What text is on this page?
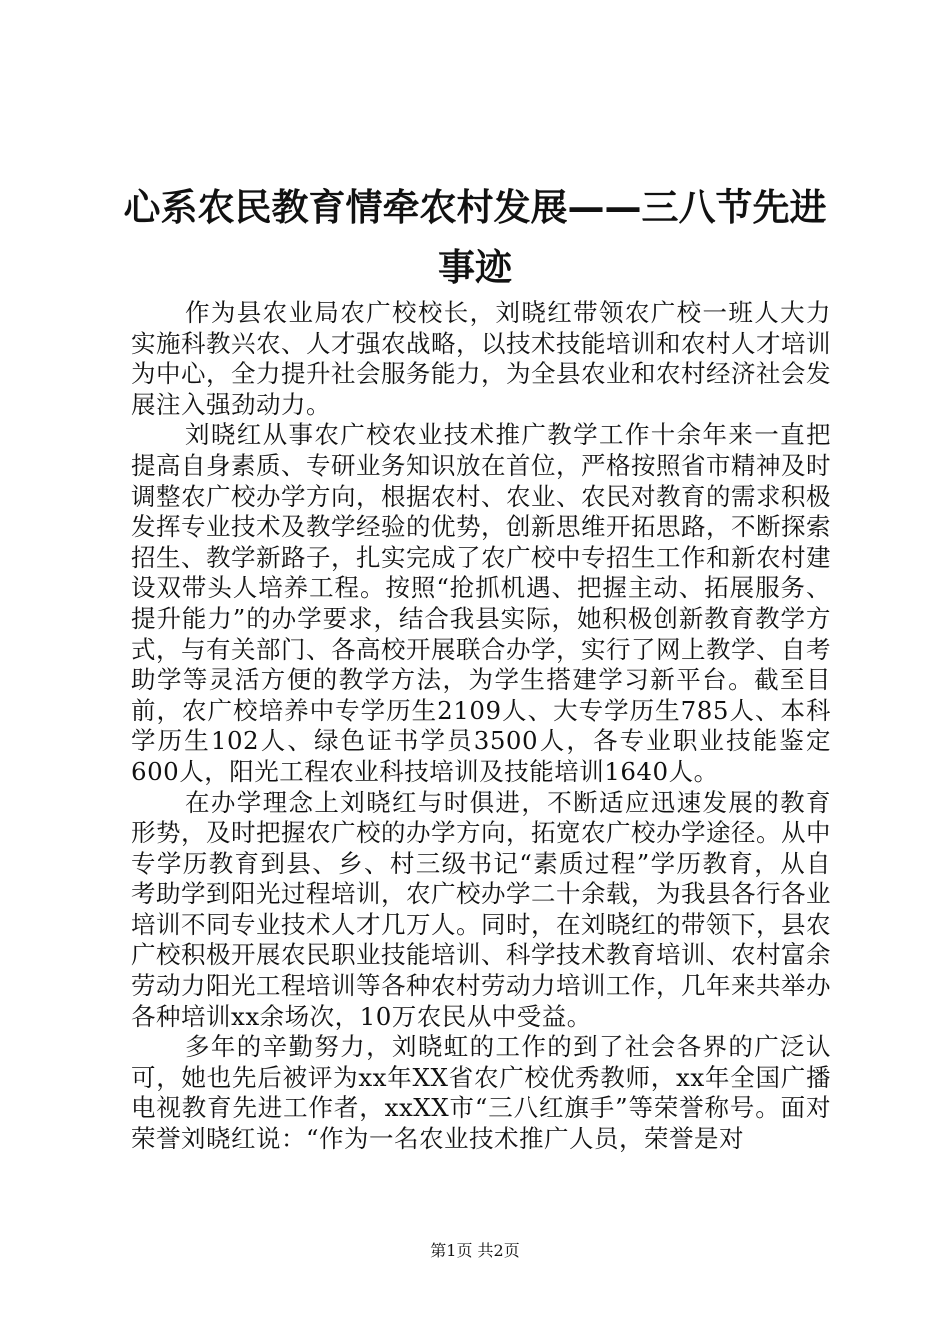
心系农民教育情牵农村发展——三八节先进事迹

作为县农业局农广校校长，刘晓红带领农广校一班人大力实施科教兴农、人才强农战略，以技术技能培训和农村人才培训为中心，全力提升社会服务能力，为全县农业和农村经济社会发展注入强劲动力。

刘晓红从事农广校农业技术推广教学工作十余年来一直把提高自身素质、专研业务知识放在首位，严格按照省市精神及时调整农广校办学方向，根据农村、农业、农民对教育的需求积极发挥专业技术及教学经验的优势，创新思维开拓思路，不断探索招生、教学新路子，扎实完成了农广校中专招生工作和新农村建设双带头人培养工程。按照“抢抓机遇、把握主动、拓展服务、提升能力”的办学要求，结合我县实际，她积极创新教育教学方式，与有关部门、各高校开展联合办学，实行了网上教学、自考助学等灵活方便的教学方法，为学生搭建学习新平台。截至目前，农广校培养中专学历生2109人、大专学历生785人、本科学历生102人、绿色证书学员3500人，各专业职业技能鉴定600人，阳光工程农业科技培训及技能培训1640人。

在办学理念上刘晓红与时俱进，不断适应迅速发展的教育形势，及时把握农广校的办学方向，拓宽农广校办学途径。从中专学历教育到县、乡、村三级书记“素质过程”学历教育，从自考助学到阳光过程培训，农广校办学二十余载，为我县各行各业培训不同专业技术人才几万人。同时，在刘晓红的带领下，县农广校积极开展农民职业技能培训、科学技术教育培训、农村富余劳动力阳光工程培训等各种农村劳动力培训工作，几年来共举办各种培训xx余场次，10万农民从中受益。

多年的辛勤努力，刘晓虹的工作的到了社会各界的广泛认可，她也先后被评为xx年XX省农广校优秀教师，xx年全国广播电视教育先进工作者，xxXX市“三八红旗手”等荣誉称号。面对荣誉刘晓红说：“作为一名农业技术推广人员，荣誉是对

第1页 共2页
